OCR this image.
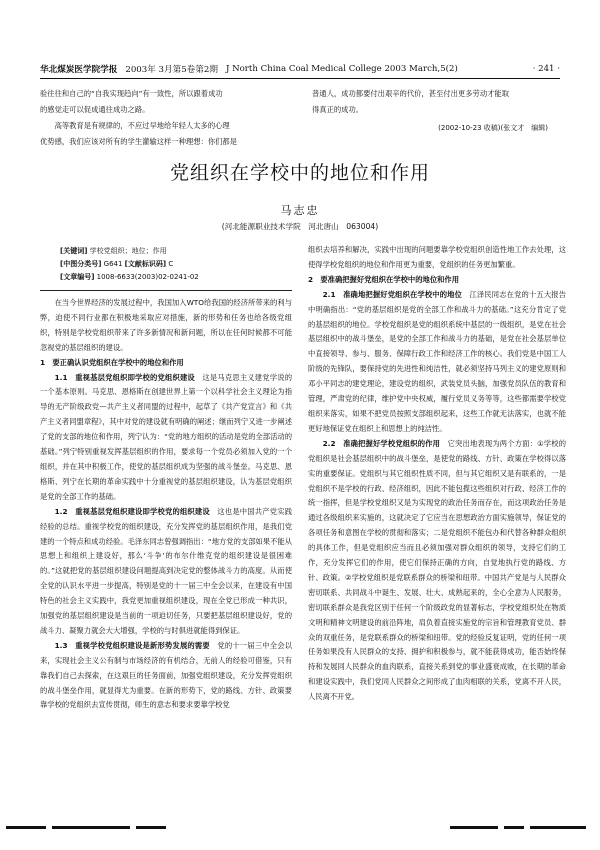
华北煤炭医学院学报 2003年 3月第5卷第2期 J North China Coal Medical College 2003 March,5(2)	· 241 ·
验往往和自己的“自我实现趋向”有一致性，所以跟着成功
的感觉走可以促成通往成功之路。
高等教育是有规律的，不应过早地给年轻人太多的心理
优势感，我们应该对所有的学生灌输这样一种理想：你们都是
普通人，成功都要付出艰辛的代价，甚至付出更多劳动才能取
得真正的成功。
(2002-10-23 收稿)(张文才　编辑)
党组织在学校中的地位和作用
马志忠
(河北能源职业技术学院　河北唐山　063004)
[关键词] 学校党组织；地位；作用
[中图分类号] G641 [文献标识码] C
[文章编号] 1008-6633(2003)02-0241-02

在当今世界经济的发展过程中，我国加入WTO给我国的经济所带来的利与弊，迫使不同行业都在积极地采取应对措施，新的形势和任务也给各级党组织，特别是学校党组织带来了许多新情况和新问题，所以在任何时候都不可能忽视党的基层组织的建设。

1　要正确认识党组织在学校中的地位和作用

1.1　重视基层党组织即学校的党组织建设　 这是马克思主义建党学说的一个基本原则。马克思、恩格斯在创建世界上第一个以科学社会主义理论为指导的无产阶级政党—共产主义者同盟的过程中，起草了《共产党宣言》和《共产主义者同盟章程》，其中对党的建设就有明确的阐述；继而列宁又进一步阐述了党的支部的地位和作用，列宁认为：“党的地方组织的活动是党的全部活动的基础。”列宁特别重视发挥基层组织的作用，要求每一个党员必须加入党的一个组织，并在其中积极工作，使党的基层组织成为坚强的战斗堡垒。马克思、恩格斯、列宁在长期的革命实践中十分重视党的基层组织建设，认为基层党组织是党的全部工作的基础。

1.2　重视基层党组织建设即学校党的组织建设　 这也是中国共产党实践经验的总结。重视学校党的组织建设，充分发挥党的基层组织作用，是我们党建的一个特点和成功经验。毛泽东同志曾强调指出：“地方党的支部如果不能从思想上和组织上建设好，那么‘斗争’的布尔什维克党的组织建设是很困难的。”这就把党的基层组织建设问题提高到决定党的整体战斗力的高度。从而使全党的认识水平进一步提高，特别是党的十一届三中全会以来，在建设有中国特色的社会主义实践中，我党更加重视组织建设，现在全党已形成一种共识，加强党的基层组织建设是当前的一项迫切任务，只要把基层组织建设好，党的战斗力、凝聚力就会大大增强，学校的与时俱进就能得到保证。

1.3　重视学校党组织建设是新形势发展的需要　 党的十一届三中全会以来，实现社会主义公有制与市场经济的有机结合，无前人的经验可借鉴，只有靠我们自己去探索，在这艰巨的任务面前，加强党组织建设，充分发挥党组织的战斗堡垒作用，就显得尤为重要。在新的形势下，党的路线、方针、政策要靠学校的党组织去宣传贯彻，师生的意志和要求要靠学校党

组织去培养和解决，实践中出现的问题要靠学校党组织创造性地工作去处理，这使得学校党组织的地位和作用更为重要，党组织的任务更加繁重。

2　要准确把握好党组织在学校中的地位和作用

2.1　准确地把握好党组织在学校中的地位　 江泽民同志在党的十五大报告中明确指出：“党的基层组织是党的全部工作和战斗力的基础。”这充分肯定了党的基层组织的地位。学校党组织是党的组织系统中基层的一级组织，是党在社会基层组织中的战斗堡垒，是党的全部工作和战斗力的基础，是党在社会基层单位中直接领导、参与、服务、保障行政工作和经济工作的核心。我们党是中国工人阶级的先锋队，要保持党的先进性和纯洁性，就必须坚持马列主义的建党原则和邓小平同志的建党理论，建设党的组织，武装党员头脑，加强党员队伍的教育和管理，严肃党的纪律，维护党中央权威，履行党员义务等等，这些都需要学校党组织来落实，如果不把党员按照支部组织起来，这些工作就无法落实，也就不能更好地保证党在组织上和思想上的纯洁性。

2.2　准确把握好学校党组织的作用　 它突出地表现为两个方面：①学校的党组织是社会基层组织中的战斗堡垒，是使党的路线、方针、政策在学校得以落实的重要保证。党组织与其它组织性质不同，但与其它组织又是有联系的，一是党组织不是学校的行政、经济组织，因此不能包揽这些组织对行政、经济工作的统一指挥，但是学校党组织又是为实现党的政治任务而存在，而这项政治任务是通过各级组织来实施的，这就决定了它应当在思想政治方面实施领导，保证党的各项任务和意图在学校的贯彻和落实；二是党组织不能包办和代替各种群众组织的具体工作，但是党组织应当而且必须加强对群众组织的领导，支持它们的工作，充分发挥它们的作用，使它们保持正确的方向，自觉地执行党的路线、方针、政策。②学校党组织是党联系群众的桥梁和纽带。中国共产党是与人民群众密切联系、共同战斗中诞生、发展、壮大、成熟起来的，全心全意为人民服务，密切联系群众是我党区别于任何一个阶级政党的显著标志，学校党组织处在物质文明和精神文明建设的前沿阵地，肩负着直接实施党的宗旨和管理教育党员、群众的双重任务，是党联系群众的桥梁和纽带。党的经验反复证明，党的任何一项任务如果没有人民群众的支持、拥护和积极参与，就不能获得成功，能否始终保持和发展同人民群众的血肉联系，直接关系到党的事业盛衰成败，在长期的革命和建设实践中，我们党同人民群众之间形成了血肉相联的关系，党离不开人民，人民离不开党。
